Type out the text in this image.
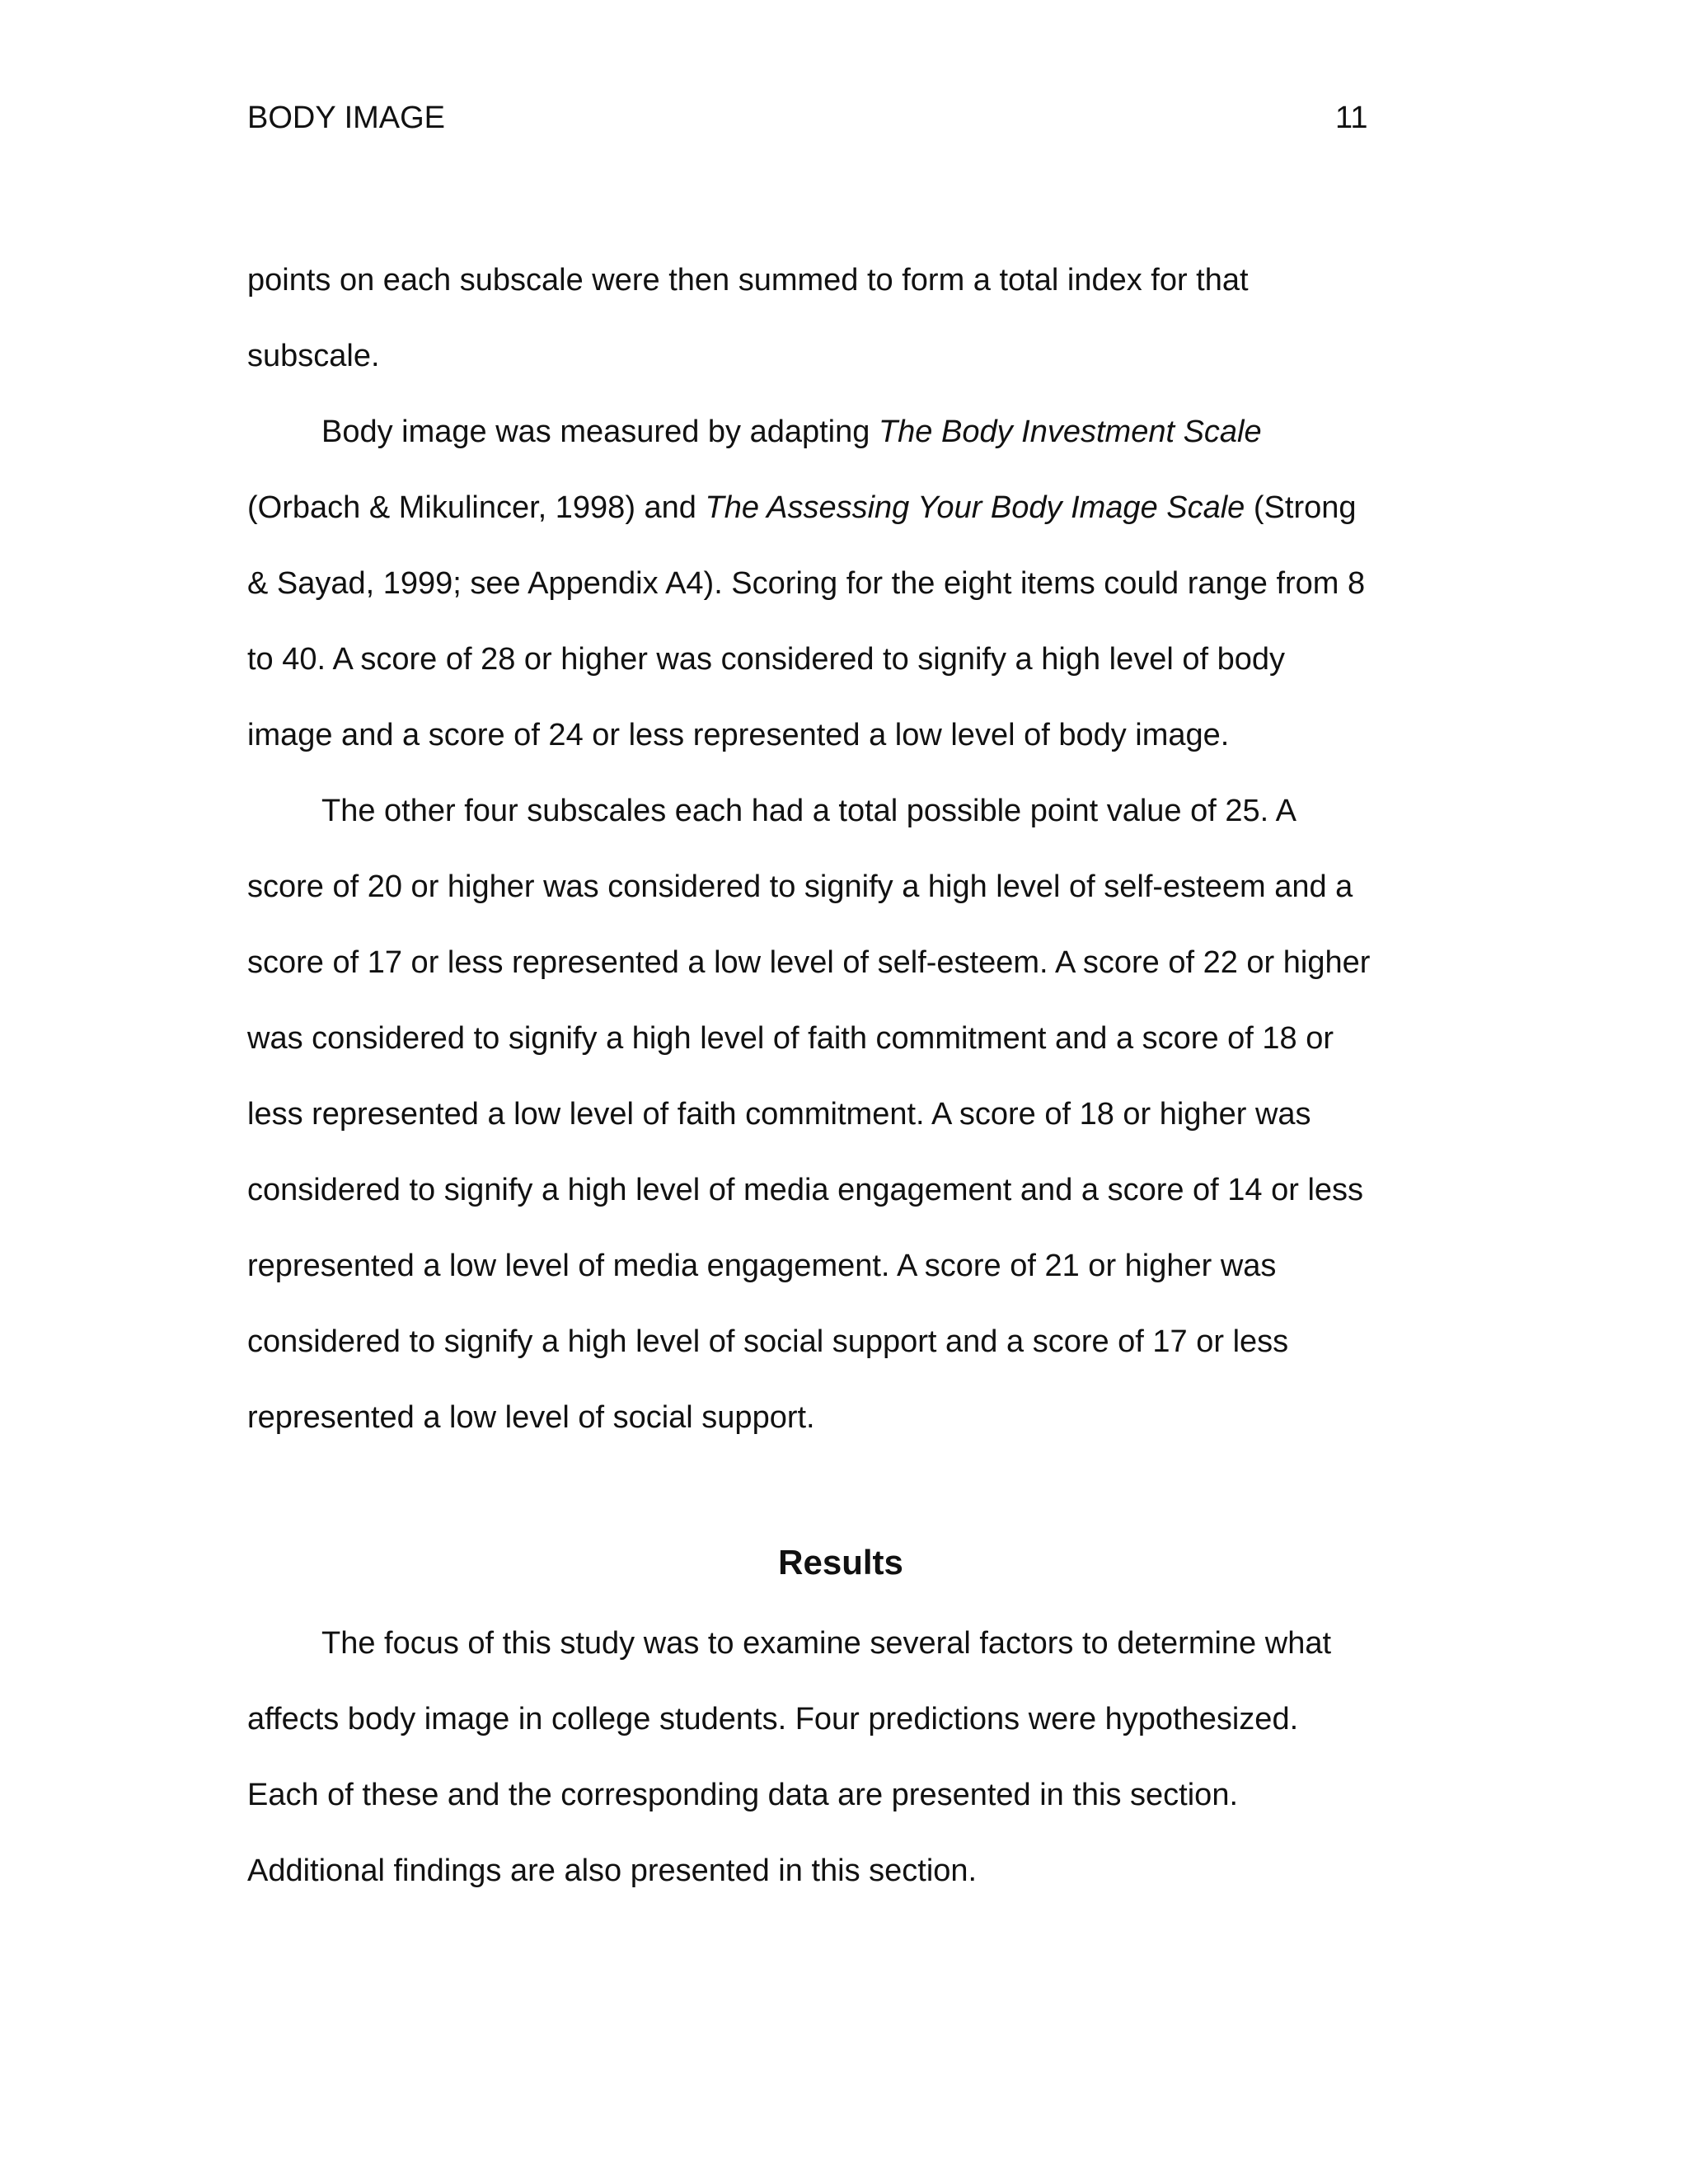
BODY IMAGE	11
points on each subscale were then summed to form a total index for that
subscale.
Body image was measured by adapting The Body Investment Scale
(Orbach & Mikulincer, 1998) and The Assessing Your Body Image Scale (Strong
& Sayad, 1999; see Appendix A4). Scoring for the eight items could range from 8
to 40. A score of 28 or higher was considered to signify a high level of body
image and a score of 24 or less represented a low level of body image.
The other four subscales each had a total possible point value of 25. A
score of 20 or higher was considered to signify a high level of self-esteem and a
score of 17 or less represented a low level of self-esteem. A score of 22 or higher
was considered to signify a high level of faith commitment and a score of 18 or
less represented a low level of faith commitment. A score of 18 or higher was
considered to signify a high level of media engagement and a score of 14 or less
represented a low level of media engagement. A score of 21 or higher was
considered to signify a high level of social support and a score of 17 or less
represented a low level of social support.
Results
The focus of this study was to examine several factors to determine what
affects body image in college students. Four predictions were hypothesized.
Each of these and the corresponding data are presented in this section.
Additional findings are also presented in this section.
